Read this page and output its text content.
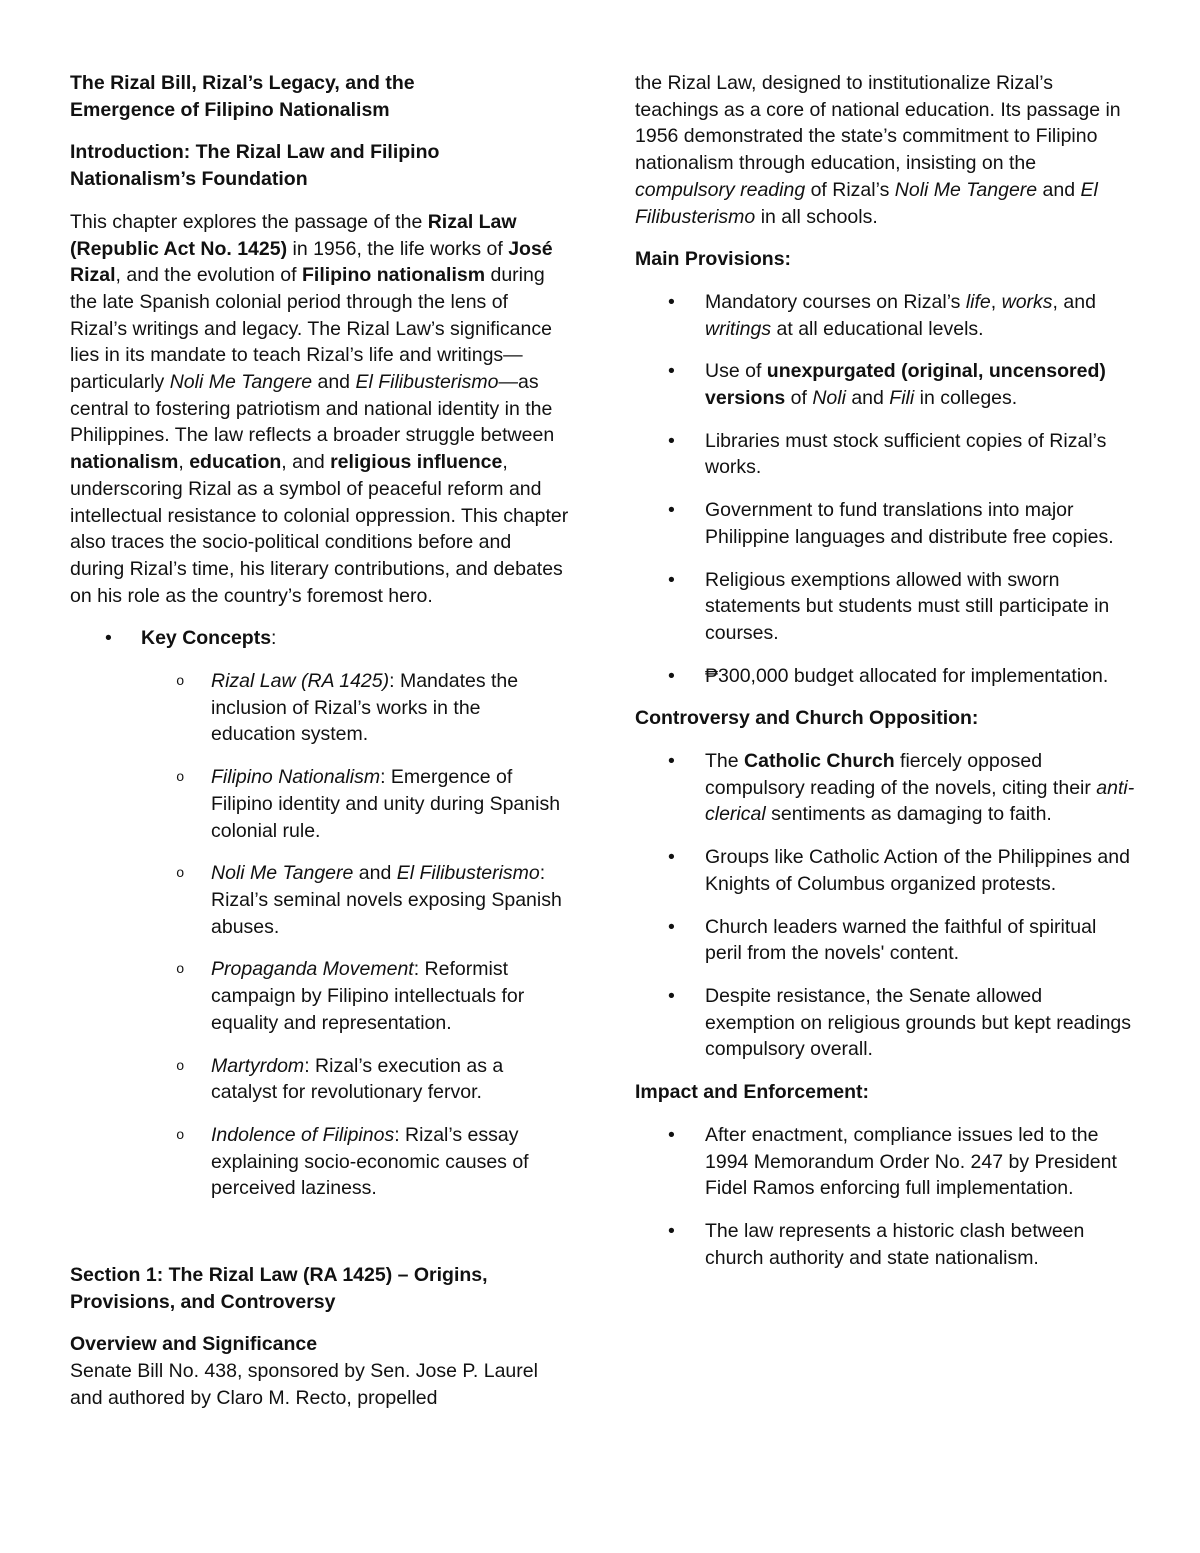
The Rizal Bill, Rizal’s Legacy, and the
Emergence of Filipino Nationalism

Introduction: The Rizal Law and Filipino
Nationalism’s Foundation

This chapter explores the passage of the Rizal Law (Republic Act No. 1425) in 1956, the life works of José Rizal, and the evolution of Filipino nationalism during the late Spanish colonial period through the lens of Rizal’s writings and legacy. The Rizal Law’s significance lies in its mandate to teach Rizal’s life and writings—particularly Noli Me Tangere and El Filibusterismo—as central to fostering patriotism and national identity in the Philippines. The law reflects a broader struggle between nationalism, education, and religious influence, underscoring Rizal as a symbol of peaceful reform and intellectual resistance to colonial oppression. This chapter also traces the socio-political conditions before and during Rizal’s time, his literary contributions, and debates on his role as the country’s foremost hero.

• Key Concepts:
o Rizal Law (RA 1425): Mandates the inclusion of Rizal’s works in the education system.
o Filipino Nationalism: Emergence of Filipino identity and unity during Spanish colonial rule.
o Noli Me Tangere and El Filibusterismo: Rizal’s seminal novels exposing Spanish abuses.
o Propaganda Movement: Reformist campaign by Filipino intellectuals for equality and representation.
o Martyrdom: Rizal’s execution as a catalyst for revolutionary fervor.
o Indolence of Filipinos: Rizal’s essay explaining socio-economic causes of perceived laziness.

Section 1: The Rizal Law (RA 1425) – Origins,
Provisions, and Controversy

Overview and Significance

Senate Bill No. 438, sponsored by Sen. Jose P. Laurel and authored by Claro M. Recto, propelled

the Rizal Law, designed to institutionalize Rizal’s teachings as a core of national education. Its passage in 1956 demonstrated the state’s commitment to Filipino nationalism through education, insisting on the compulsory reading of Rizal’s Noli Me Tangere and El Filibusterismo in all schools.

Main Provisions:

• Mandatory courses on Rizal’s life, works, and writings at all educational levels.
• Use of unexpurgated (original, uncensored) versions of Noli and Fili in colleges.
• Libraries must stock sufficient copies of Rizal’s works.
• Government to fund translations into major Philippine languages and distribute free copies.
• Religious exemptions allowed with sworn statements but students must still participate in courses.
• ₱300,000 budget allocated for implementation.

Controversy and Church Opposition:

• The Catholic Church fiercely opposed compulsory reading of the novels, citing their anti-clerical sentiments as damaging to faith.
• Groups like Catholic Action of the Philippines and Knights of Columbus organized protests.
• Church leaders warned the faithful of spiritual peril from the novels' content.
• Despite resistance, the Senate allowed exemption on religious grounds but kept readings compulsory overall.

Impact and Enforcement:

• After enactment, compliance issues led to the 1994 Memorandum Order No. 247 by President Fidel Ramos enforcing full implementation.
• The law represents a historic clash between church authority and state nationalism.
